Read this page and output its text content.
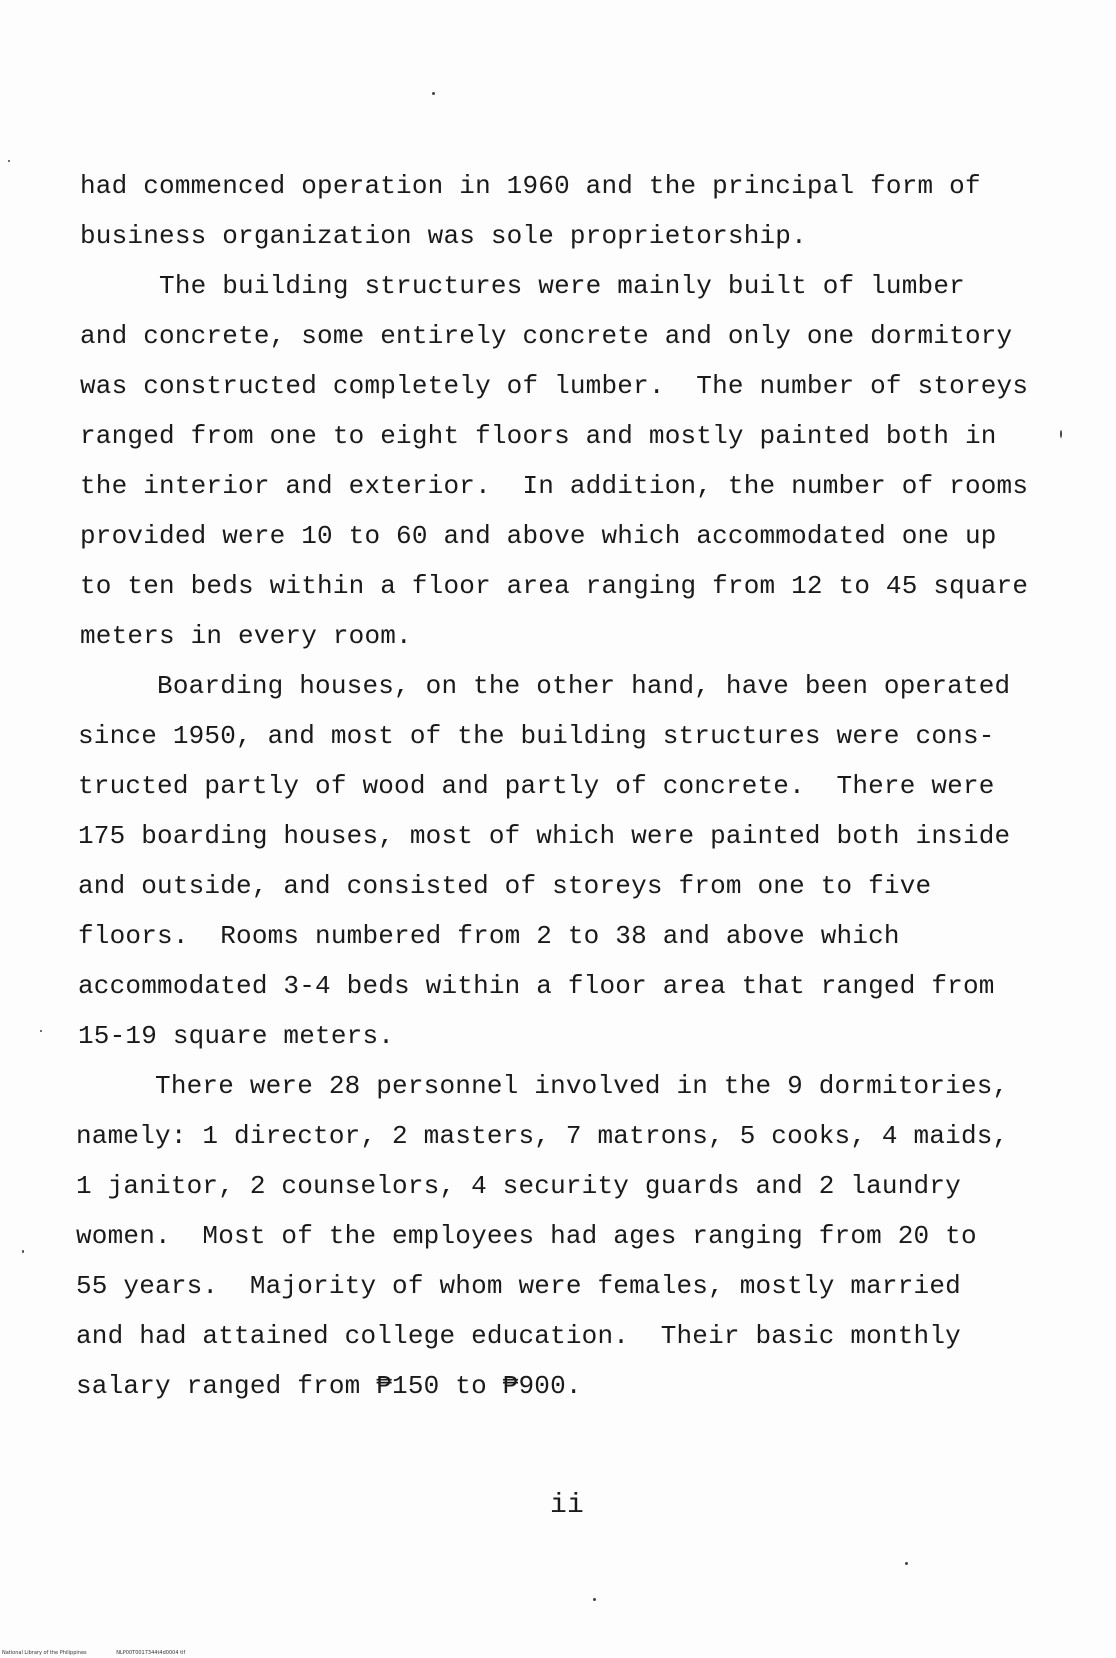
had commenced operation in 1960 and the principal form of
business organization was sole proprietorship.
The building structures were mainly built of lumber
and concrete, some entirely concrete and only one dormitory
was constructed completely of lumber.  The number of storeys
ranged from one to eight floors and mostly painted both in
the interior and exterior.  In addition, the number of rooms
provided were 10 to 60 and above which accommodated one up
to ten beds within a floor area ranging from 12 to 45 square
meters in every room.
Boarding houses, on the other hand, have been operated
since 1950, and most of the building structures were cons-
tructed partly of wood and partly of concrete.  There were
175 boarding houses, most of which were painted both inside
and outside, and consisted of storeys from one to five
floors.  Rooms numbered from 2 to 38 and above which
accommodated 3-4 beds within a floor area that ranged from
15-19 square meters.
There were 28 personnel involved in the 9 dormitories,
namely: 1 director, 2 masters, 7 matrons, 5 cooks, 4 maids,
1 janitor, 2 counselors, 4 security guards and 2 laundry
women.  Most of the employees had ages ranging from 20 to
55 years.  Majority of whom were females, mostly married
and had attained college education.  Their basic monthly
salary ranged from ₱150 to ₱900.
ii
National Library of the Philippines	NLP00T0017344t4d0004 tif
